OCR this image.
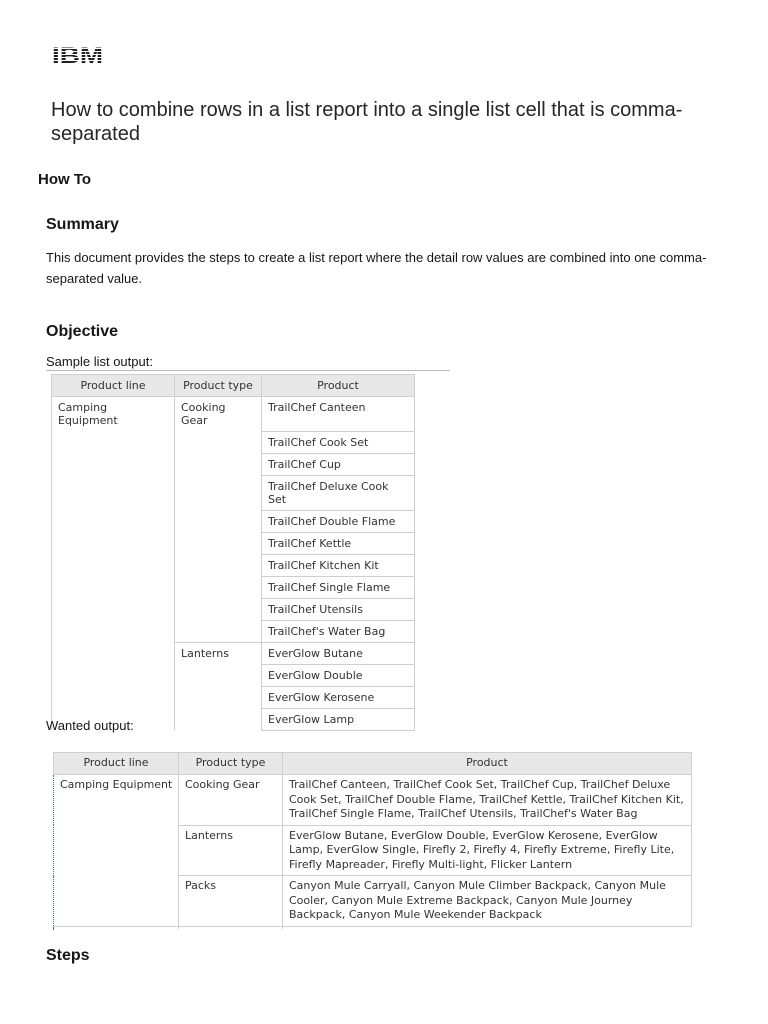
How to combine rows in a list report into a single list cell that is comma-separated
How To
Summary

This document provides the steps to create a list report where the detail row values are combined into one comma-separated value.

Objective

Sample list output:

Product line	Product type	Product
Camping Equipment	Cooking Gear	TrailChef Canteen
		TrailChef Cook Set
		TrailChef Cup
		TrailChef Deluxe Cook Set
		TrailChef Double Flame
		TrailChef Kettle
		TrailChef Kitchen Kit
		TrailChef Single Flame
		TrailChef Utensils
		TrailChef's Water Bag
	Lanterns	EverGlow Butane
		EverGlow Double
		EverGlow Kerosene
		EverGlow Lamp

Wanted output:

Product line	Product type	Product
Camping Equipment	Cooking Gear	TrailChef Canteen, TrailChef Cook Set, TrailChef Cup, TrailChef Deluxe Cook Set, TrailChef Double Flame, TrailChef Kettle, TrailChef Kitchen Kit, TrailChef Single Flame, TrailChef Utensils, TrailChef's Water Bag
	Lanterns	EverGlow Butane, EverGlow Double, EverGlow Kerosene, EverGlow Lamp, EverGlow Single, Firefly 2, Firefly 4, Firefly Extreme, Firefly Lite, Firefly Mapreader, Firefly Multi-light, Flicker Lantern
	Packs	Canyon Mule Carryall, Canyon Mule Climber Backpack, Canyon Mule Cooler, Canyon Mule Extreme Backpack, Canyon Mule Journey Backpack, Canyon Mule Weekender Backpack

Steps
